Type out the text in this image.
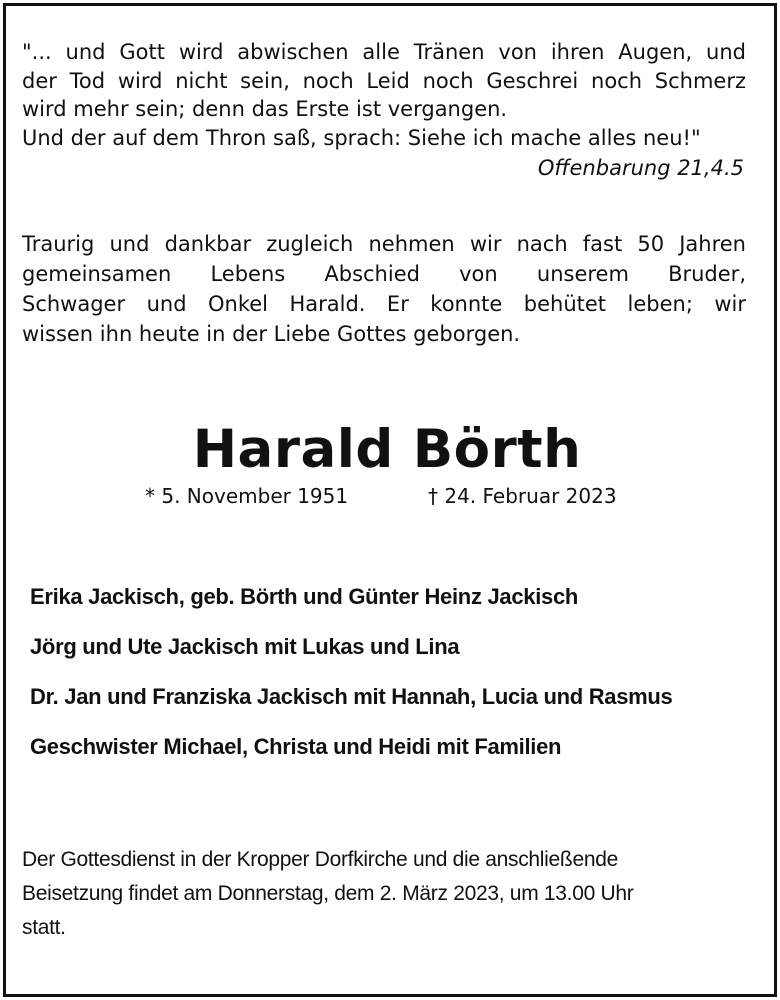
"... und Gott wird abwischen alle Tränen von ihren Augen, und
der Tod wird nicht sein, noch Leid noch Geschrei noch Schmerz
wird mehr sein; denn das Erste ist vergangen.
Und der auf dem Thron saß, sprach: Siehe ich mache alles neu!"
Offenbarung 21,4.5
Traurig und dankbar zugleich nehmen wir nach fast 50 Jahren
gemeinsamen Lebens Abschied von unserem Bruder,
Schwager und Onkel Harald. Er konnte behütet leben; wir
wissen ihn heute in der Liebe Gottes geborgen.
Harald Börth
* 5. November 1951	† 24. Februar 2023
Erika Jackisch, geb. Börth und Günter Heinz Jackisch
Jörg und Ute Jackisch mit Lukas und Lina
Dr. Jan und Franziska Jackisch mit Hannah, Lucia und Rasmus
Geschwister Michael, Christa und Heidi mit Familien
Der Gottesdienst in der Kropper Dorfkirche und die anschließende
Beisetzung findet am Donnerstag, dem 2. März 2023, um 13.00 Uhr
statt.
